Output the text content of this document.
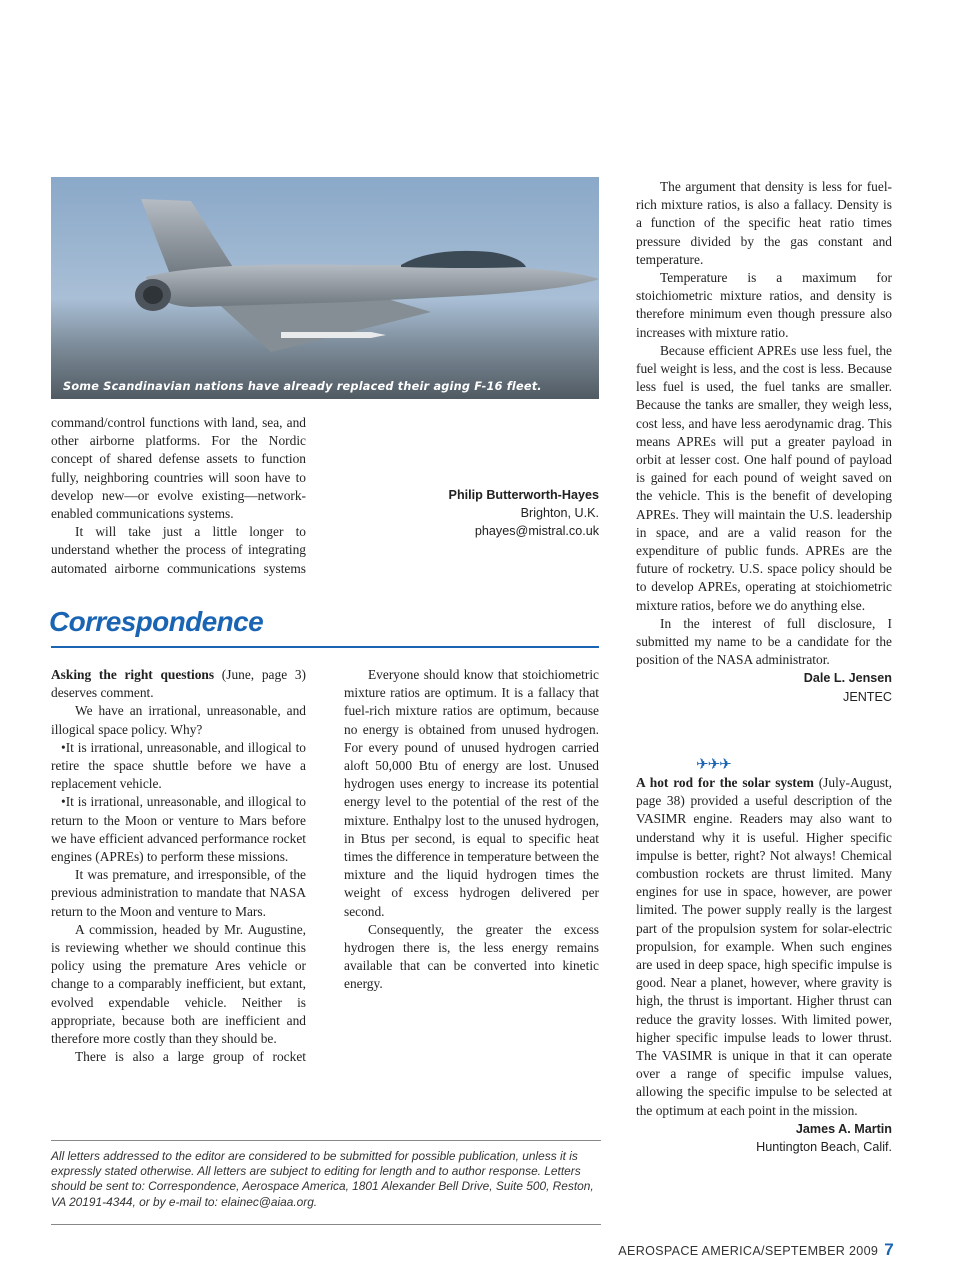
Some Scandinavian nations have already replaced their aging F-16 fleet.

command/control functions with land, sea, and other airborne platforms. For the Nordic concept of shared defense assets to function fully, neighboring countries will soon have to develop new—or evolve existing—network-enabled communications systems.

It will take just a little longer to understand whether the process of integrating automated airborne communications systems

Philip Butterworth-Hayes
Brighton, U.K.
phayes@mistral.co.uk
Correspondence

Asking the right questions (June, page 3) deserves comment.

We have an irrational, unreasonable, and illogical space policy. Why?

•It is irrational, unreasonable, and illogical to retire the space shuttle before we have a replacement vehicle.

•It is irrational, unreasonable, and illogical to return to the Moon or venture to Mars before we have efficient advanced performance rocket engines (APREs) to perform these missions.

It was premature, and irresponsible, of the previous administration to mandate that NASA return to the Moon and venture to Mars.

A commission, headed by Mr. Augustine, is reviewing whether we should continue this policy using the premature Ares vehicle or change to a comparably inefficient, but extant, evolved expendable vehicle. Neither is appropriate, because both are inefficient and therefore more costly than they should be.

There is also a large group of rocket

Everyone should know that stoichiometric mixture ratios are optimum. It is a fallacy that fuel-rich mixture ratios are optimum, because no energy is obtained from unused hydrogen. For every pound of unused hydrogen carried aloft 50,000 Btu of energy are lost. Unused hydrogen uses energy to increase its potential energy level to the potential of the rest of the mixture. Enthalpy lost to the unused hydrogen, in Btus per second, is equal to specific heat times the difference in temperature between the mixture and the liquid hydrogen times the weight of excess hydrogen delivered per second.

Consequently, the greater the excess hydrogen there is, the less energy remains available that can be converted into kinetic energy.

The argument that density is less for fuel-rich mixture ratios, is also a fallacy. Density is a function of the specific heat ratio times pressure divided by the gas constant and temperature.

Temperature is a maximum for stoichiometric mixture ratios, and density is therefore minimum even though pressure also increases with mixture ratio.

Because efficient APREs use less fuel, the fuel weight is less, and the cost is less. Because less fuel is used, the fuel tanks are smaller. Because the tanks are smaller, they weigh less, cost less, and have less aerodynamic drag. This means APREs will put a greater payload in orbit at lesser cost. One half pound of payload is gained for each pound of weight saved on the vehicle. This is the benefit of developing APREs. They will maintain the U.S. leadership in space, and are a valid reason for the expenditure of public funds. APREs are the future of rocketry. U.S. space policy should be to develop APREs, operating at stoichiometric mixture ratios, before we do anything else.

In the interest of full disclosure, I submitted my name to be a candidate for the position of the NASA administrator.

Dale L. Jensen
JENTEC
✈✈✈

A hot rod for the solar system (July-August, page 38) provided a useful description of the VASIMR engine. Readers may also want to understand why it is useful. Higher specific impulse is better, right? Not always! Chemical combustion rockets are thrust limited. Many engines for use in space, however, are power limited. The power supply really is the largest part of the propulsion system for solar-electric propulsion, for example. When such engines are used in deep space, high specific impulse is good. Near a planet, however, where gravity is high, the thrust is important. Higher thrust can reduce the gravity losses. With limited power, higher specific impulse leads to lower thrust. The VASIMR is unique in that it can operate over a range of specific impulse values, allowing the specific impulse to be selected at the optimum at each point in the mission.

James A. Martin
Huntington Beach, Calif.
All letters addressed to the editor are considered to be submitted for possible publication, unless it is expressly stated otherwise. All letters are subject to editing for length and to author response. Letters should be sent to: Correspondence, Aerospace America, 1801 Alexander Bell Drive, Suite 500, Reston, VA 20191-4344, or by e-mail to: elainec@aiaa.org.
AEROSPACE AMERICA/SEPTEMBER 2009 7
